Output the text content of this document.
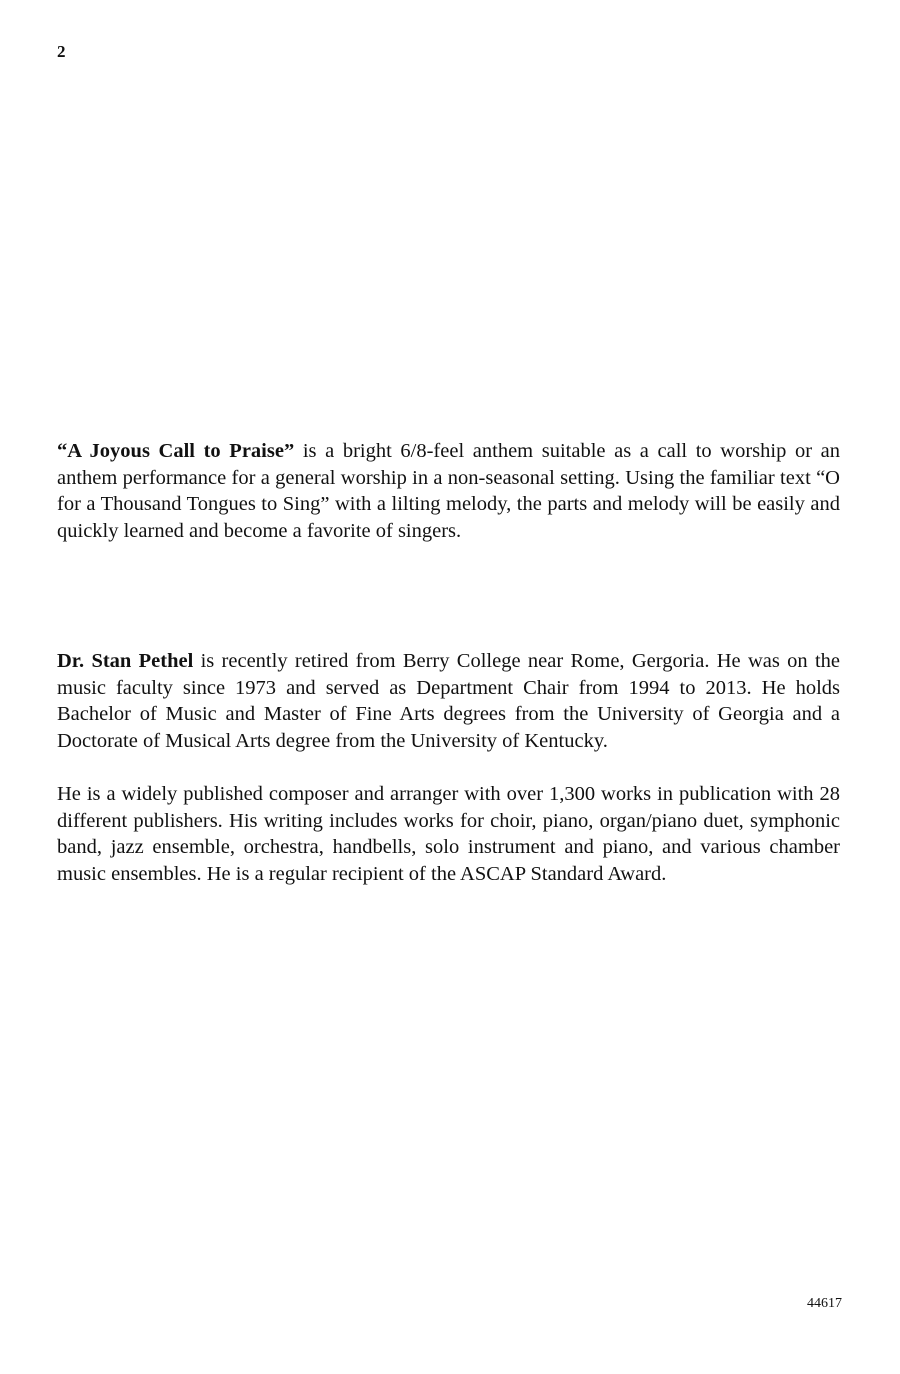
2

“A Joyous Call to Praise” is a bright 6/8-feel anthem suitable as a call to worship or an anthem performance for a general worship in a non-seasonal setting. Using the familiar text “O for a Thousand Tongues to Sing” with a lilting melody, the parts and melody will be easily and quickly learned and become a favorite of singers.

Dr. Stan Pethel is recently retired from Berry College near Rome, Gergoria. He was on the music faculty since 1973 and served as Department Chair from 1994 to 2013. He holds Bachelor of Music and Master of Fine Arts degrees from the University of Georgia and a Doctorate of Musical Arts degree from the University of Kentucky.

He is a widely published composer and arranger with over 1,300 works in publication with 28 different publishers. His writing includes works for choir, piano, organ/piano duet, symphonic band, jazz ensemble, orchestra, handbells, solo instrument and piano, and various chamber music ensembles. He is a regular recipient of the ASCAP Standard Award.

44617
